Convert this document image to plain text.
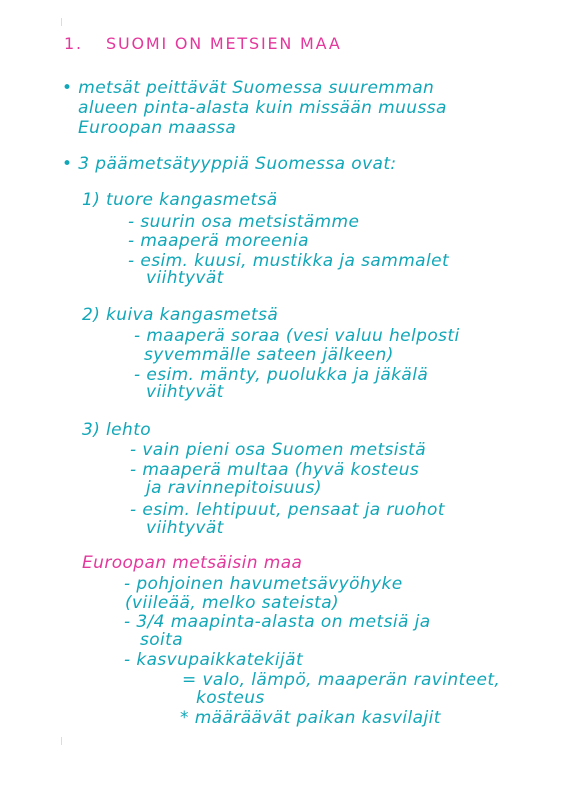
1. SUOMI ON METSIEN MAA
• metsät peittävät Suomessa suuremman
alueen pinta-alasta kuin missään muussa
Euroopan maassa
• 3 päämetsätyyppiä Suomessa ovat:
1) tuore kangasmetsä
- suurin osa metsistämme
- maaperä moreenia
- esim. kuusi, mustikka ja sammalet
viihtyvät
2) kuiva kangasmetsä
- maaperä soraa (vesi valuu helposti
syvemmälle sateen jälkeen)
- esim. mänty, puolukka ja jäkälä
viihtyvät
3) lehto
- vain pieni osa Suomen metsistä
- maaperä multaa (hyvä kosteus
ja ravinnepitoisuus)
- esim. lehtipuut, pensaat ja ruohot
viihtyvät
Euroopan metsäisin maa
- pohjoinen havumetsävyöhyke
(viileää, melko sateista)
- 3/4 maapinta-alasta on metsiä ja
soita
- kasvupaikkatekijät
= valo, lämpö, maaperän ravinteet,
kosteus
* määräävät paikan kasvilajit
